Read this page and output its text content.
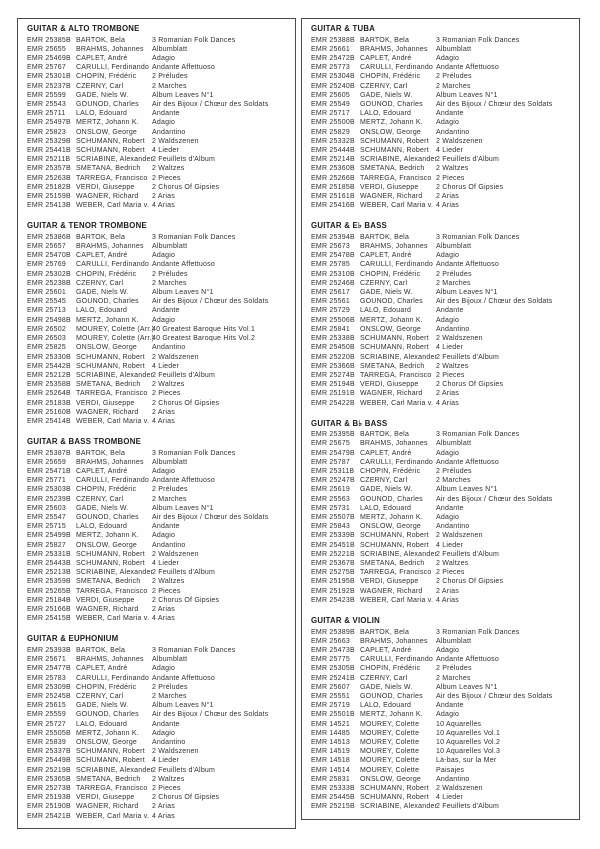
GUITAR & ALTO TROMBONE
EMR 25385B BARTOK, Bela	3 Romanian Folk Dances
EMR 25655	BRAHMS, Johannes	Albumblatt
EMR 25469B CAPLET, André	Adagio
EMR 25767	CARULLI, Ferdinando Andante Affettuoso
EMR 25301B CHOPIN, Frédéric	2 Préludes
EMR 25237B CZERNY, Carl	2 Marches
EMR 25599	GADE, Niels W.	Album Leaves N°1
EMR 25543	GOUNOD, Charles	Air des Bijoux / Chœur des Soldats
EMR 25711	LALO, Edouard	Andante
EMR 25497B MERTZ, Johann K.	Adagio
EMR 25823	ONSLOW, George	Andantino
EMR 25329B SCHUMANN, Robert	2 Waldszenen
EMR 25441B SCHUMANN, Robert	4 Lieder
EMR 25211B SCRIABINE, Alexander
2 Feuillets d'Album
EMR 25357B SMETANA, Bedrich	2 Waltzes
EMR 25263B TARREGA, Francisco 2 Pieces
EMR 25182B VERDI, Giuseppe	2 Chorus Of Gipsies
EMR 25159B WAGNER, Richard	2 Arias
EMR 25413B WEBER, Carl Maria v. 4 Arias
GUITAR & TENOR TROMBONE
EMR 25386B BARTOK, Bela	3 Romanian Folk Dances
EMR 25657	BRAHMS, Johannes	Albumblatt
EMR 25470B CAPLET, André	Adagio
EMR 25769	CARULLI, Ferdinando Andante Affettuoso
EMR 25302B CHOPIN, Frédéric	2 Préludes
EMR 25238B CZERNY, Carl	2 Marches
EMR 25601	GADE, Niels W.	Album Leaves N°1
EMR 25545	GOUNOD, Charles	Air des Bijoux / Chœur des Soldats
EMR 25713	LALO, Edouard	Andante
EMR 25498B MERTZ, Johann K.	Adagio
EMR 26502	MOUREY, Colette (Arr.)
40 Greatest Baroque Hits Vol.1
EMR 26503	MOUREY, Colette (Arr.)
40 Greatest Baroque Hits Vol.2
EMR 25825	ONSLOW, George	Andantino
EMR 25330B SCHUMANN, Robert	2 Waldszenen
EMR 25442B SCHUMANN, Robert	4 Lieder
EMR 25212B SCRIABINE, Alexander
2 Feuillets d'Album
EMR 25358B SMETANA, Bedrich	2 Waltzes
EMR 25264B TARREGA, Francisco 2 Pieces
EMR 25183B VERDI, Giuseppe	2 Chorus Of Gipsies
EMR 25160B WAGNER, Richard	2 Arias
EMR 25414B WEBER, Carl Maria v. 4 Arias
GUITAR & BASS TROMBONE
EMR 25387B BARTOK, Bela	3 Romanian Folk Dances
EMR 25659	BRAHMS, Johannes	Albumblatt
EMR 25471B CAPLET, André	Adagio
EMR 25771	CARULLI, Ferdinando Andante Affettuoso
EMR 25303B CHOPIN, Frédéric	2 Préludes
EMR 25239B CZERNY, Carl	2 Marches
EMR 25603	GADE, Niels W.	Album Leaves N°1
EMR 25547	GOUNOD, Charles	Air des Bijoux / Chœur des Soldats
EMR 25715	LALO, Edouard	Andante
EMR 25499B MERTZ, Johann K.	Adagio
EMR 25827	ONSLOW, George	Andantino
EMR 25331B SCHUMANN, Robert	2 Waldszenen
EMR 25443B SCHUMANN, Robert	4 Lieder
EMR 25213B SCRIABINE, Alexander
2 Feuillets d'Album
EMR 25359B SMETANA, Bedrich	2 Waltzes
EMR 25265B TARREGA, Francisco 2 Pieces
EMR 25184B VERDI, Giuseppe	2 Chorus Of Gipsies
EMR 25166B WAGNER, Richard	2 Arias
EMR 25415B WEBER, Carl Maria v. 4 Arias
GUITAR & EUPHONIUM
EMR 25393B BARTOK, Bela	3 Romanian Folk Dances
EMR 25671	BRAHMS, Johannes	Albumblatt
EMR 25477B CAPLET, André	Adagio
EMR 25783	CARULLI, Ferdinando Andante Affettuoso
EMR 25309B CHOPIN, Frédéric	2 Préludes
EMR 25245B CZERNY, Carl	2 Marches
EMR 25615	GADE, Niels W.	Album Leaves N°1
EMR 25559	GOUNOD, Charles	Air des Bijoux / Chœur des Soldats
EMR 25727	LALO, Edouard	Andante
EMR 25505B MERTZ, Johann K.	Adagio
EMR 25839	ONSLOW, George	Andantino
EMR 25337B SCHUMANN, Robert	2 Waldszenen
EMR 25449B SCHUMANN, Robert	4 Lieder
EMR 25219B SCRIABINE, Alexander
2 Feuillets d'Album
EMR 25365B SMETANA, Bedrich	2 Waltzes
EMR 25273B TARREGA, Francisco 2 Pieces
EMR 25193B VERDI, Giuseppe	2 Chorus Of Gipsies
EMR 25190B WAGNER, Richard	2 Arias
EMR 25421B WEBER, Carl Maria v. 4 Arias
GUITAR & TUBA
EMR 25388B BARTOK, Bela	3 Romanian Folk Dances
EMR 25661	BRAHMS, Johannes	Albumblatt
EMR 25472B CAPLET, André	Adagio
EMR 25773	CARULLI, Ferdinando Andante Affettuoso
EMR 25304B CHOPIN, Frédéric	2 Préludes
EMR 25240B CZERNY, Carl	2 Marches
EMR 25605	GADE, Niels W.	Album Leaves N°1
EMR 25549	GOUNOD, Charles	Air des Bijoux / Chœur des Soldats
EMR 25717	LALO, Edouard	Andante
EMR 25500B MERTZ, Johann K.	Adagio
EMR 25829	ONSLOW, George	Andantino
EMR 25332B SCHUMANN, Robert	2 Waldszenen
EMR 25444B SCHUMANN, Robert	4 Lieder
EMR 25214B SCRIABINE, Alexander
2 Feuillets d'Album
EMR 25360B SMETANA, Bedrich	2 Waltzes
EMR 25266B TARREGA, Francisco 2 Pieces
EMR 25185B VERDI, Giuseppe	2 Chorus Of Gipsies
EMR 25161B WAGNER, Richard	2 Arias
EMR 25416B WEBER, Carl Maria v. 4 Arias
GUITAR & E♭ BASS
EMR 25394B BARTOK, Bela	3 Romanian Folk Dances
EMR 25673	BRAHMS, Johannes	Albumblatt
EMR 25478B CAPLET, André	Adagio
EMR 25785	CARULLI, Ferdinando Andante Affettuoso
EMR 25310B CHOPIN, Frédéric	2 Préludes
EMR 25246B CZERNY, Carl	2 Marches
EMR 25617	GADE, Niels W.	Album Leaves N°1
EMR 25561	GOUNOD, Charles	Air des Bijoux / Chœur des Soldats
EMR 25729	LALO, Edouard	Andante
EMR 25506B MERTZ, Johann K.	Adagio
EMR 25841	ONSLOW, George	Andantino
EMR 25338B SCHUMANN, Robert	2 Waldszenen
EMR 25450B SCHUMANN, Robert	4 Lieder
EMR 25220B SCRIABINE, Alexander
2 Feuillets d'Album
EMR 25366B SMETANA, Bedrich	2 Waltzes
EMR 25274B TARREGA, Francisco 2 Pieces
EMR 25194B VERDI, Giuseppe	2 Chorus Of Gipsies
EMR 25191B WAGNER, Richard	2 Arias
EMR 25422B WEBER, Carl Maria v. 4 Arias
GUITAR & B♭ BASS
EMR 25395B BARTOK, Bela	3 Romanian Folk Dances
EMR 25675	BRAHMS, Johannes	Albumblatt
EMR 25479B CAPLET, André	Adagio
EMR 25787	CARULLI, Ferdinando Andante Affettuoso
EMR 25311B CHOPIN, Frédéric	2 Préludes
EMR 25247B CZERNY, Carl	2 Marches
EMR 25619	GADE, Niels W.	Album Leaves N°1
EMR 25563	GOUNOD, Charles	Air des Bijoux / Chœur des Soldats
EMR 25731	LALO, Edouard	Andante
EMR 25507B MERTZ, Johann K.	Adagio
EMR 25843	ONSLOW, George	Andantino
EMR 25339B SCHUMANN, Robert	2 Waldszenen
EMR 25451B SCHUMANN, Robert	4 Lieder
EMR 25221B SCRIABINE, Alexander
2 Feuillets d'Album
EMR 25367B SMETANA, Bedrich	2 Waltzes
EMR 25275B TARREGA, Francisco 2 Pieces
EMR 25195B VERDI, Giuseppe	2 Chorus Of Gipsies
EMR 25192B WAGNER, Richard	2 Arias
EMR 25423B WEBER, Carl Maria v. 4 Arias
GUITAR & VIOLIN
EMR 25389B BARTOK, Bela	3 Romanian Folk Dances
EMR 25663	BRAHMS, Johannes	Albumblatt
EMR 25473B CAPLET, André	Adagio
EMR 25775	CARULLI, Ferdinando Andante Affettuoso
EMR 25305B CHOPIN, Frédéric	2 Préludes
EMR 25241B CZERNY, Carl	2 Marches
EMR 25607	GADE, Niels W.	Album Leaves N°1
EMR 25551	GOUNOD, Charles	Air des Bijoux / Chœur des Soldats
EMR 25719	LALO, Edouard	Andante
EMR 25501B MERTZ, Johann K.	Adagio
EMR 14521	MOUREY, Colette	10 Aquarelles
EMR 14485	MOUREY, Colette	10 Aquarelles Vol.1
EMR 14513	MOUREY, Colette	10 Aquarelles Vol.2
EMR 14519	MOUREY, Colette	10 Aquarelles Vol.3
EMR 14518	MOUREY, Colette	Là-bas, sur la Mer
EMR 14514	MOUREY, Colette	Paisajes
EMR 25831	ONSLOW, George	Andantino
EMR 25333B SCHUMANN, Robert	2 Waldszenen
EMR 25445B SCHUMANN, Robert	4 Lieder
EMR 25215B SCRIABINE, Alexander
2 Feuillets d'Album
